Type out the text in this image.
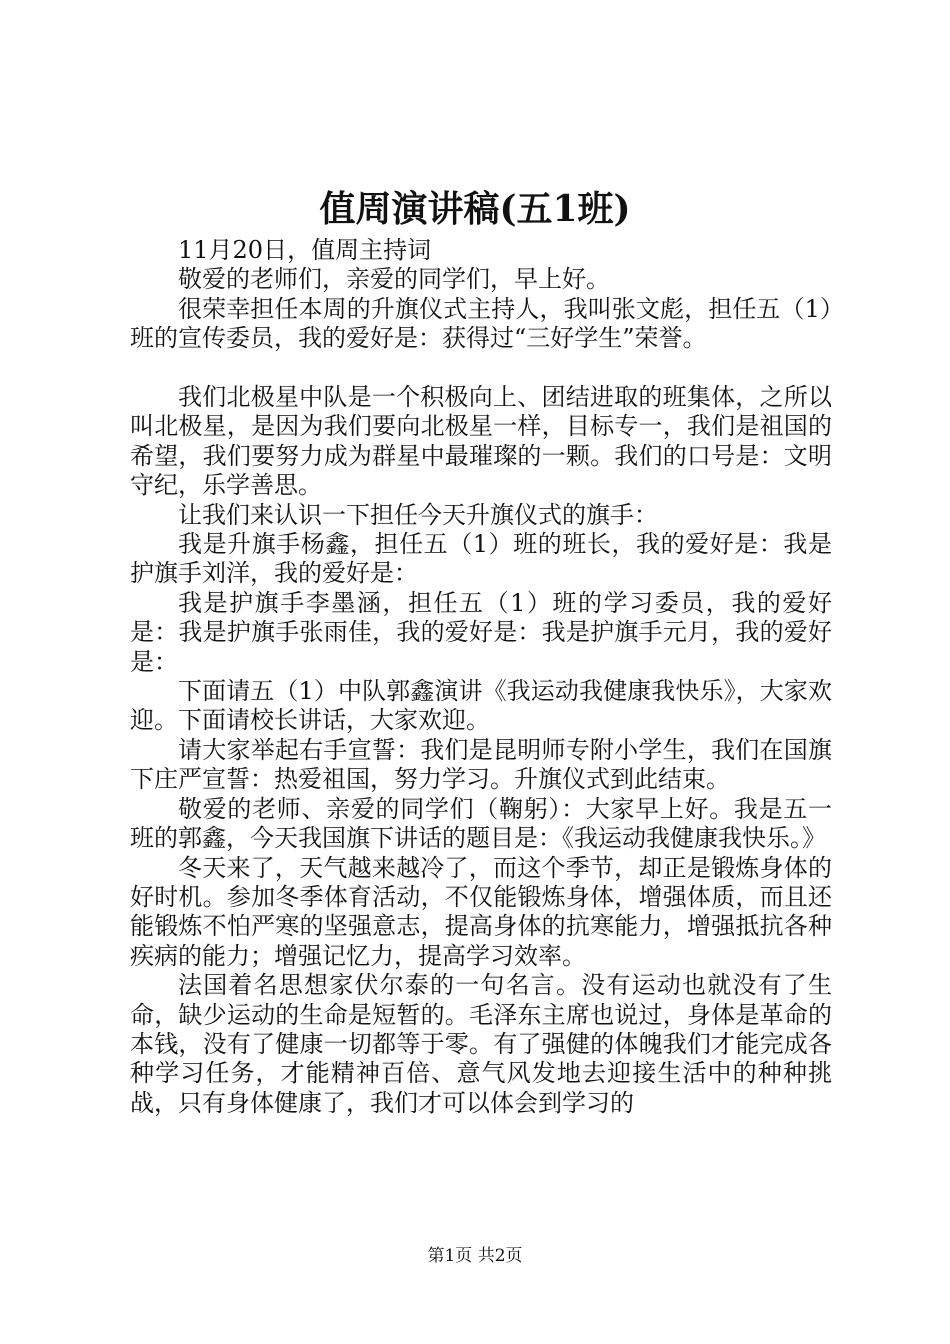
值周演讲稿(五1班)

11月20日，值周主持词

敬爱的老师们，亲爱的同学们，早上好。

很荣幸担任本周的升旗仪式主持人，我叫张文彪，担任五（1）班的宣传委员，我的爱好是：获得过“三好学生”荣誉。

我们北极星中队是一个积极向上、团结进取的班集体，之所以叫北极星，是因为我们要向北极星一样，目标专一，我们是祖国的希望，我们要努力成为群星中最璀璨的一颗。我们的口号是：文明守纪，乐学善思。

让我们来认识一下担任今天升旗仪式的旗手：

我是升旗手杨鑫，担任五（1）班的班长，我的爱好是：我是护旗手刘洋，我的爱好是：

我是护旗手李墨涵，担任五（1）班的学习委员，我的爱好是：我是护旗手张雨佳，我的爱好是：我是护旗手元月，我的爱好是：

下面请五（1）中队郭鑫演讲《我运动我健康我快乐》，大家欢迎。下面请校长讲话，大家欢迎。

请大家举起右手宣誓：我们是昆明师专附小学生，我们在国旗下庄严宣誓：热爱祖国，努力学习。升旗仪式到此结束。

敬爱的老师、亲爱的同学们（鞠躬）：大家早上好。我是五一班的郭鑫，今天我国旗下讲话的题目是：《我运动我健康我快乐。》

冬天来了，天气越来越冷了，而这个季节，却正是锻炼身体的好时机。参加冬季体育活动，不仅能锻炼身体，增强体质，而且还能锻炼不怕严寒的坚强意志，提高身体的抗寒能力，增强抵抗各种疾病的能力；增强记忆力，提高学习效率。

法国着名思想家伏尔泰的一句名言。没有运动也就没有了生命，缺少运动的生命是短暂的。毛泽东主席也说过，身体是革命的本钱，没有了健康一切都等于零。有了强健的体魄我们才能完成各种学习任务，才能精神百倍、意气风发地去迎接生活中的种种挑战，只有身体健康了，我们才可以体会到学习的

第1页 共2页
